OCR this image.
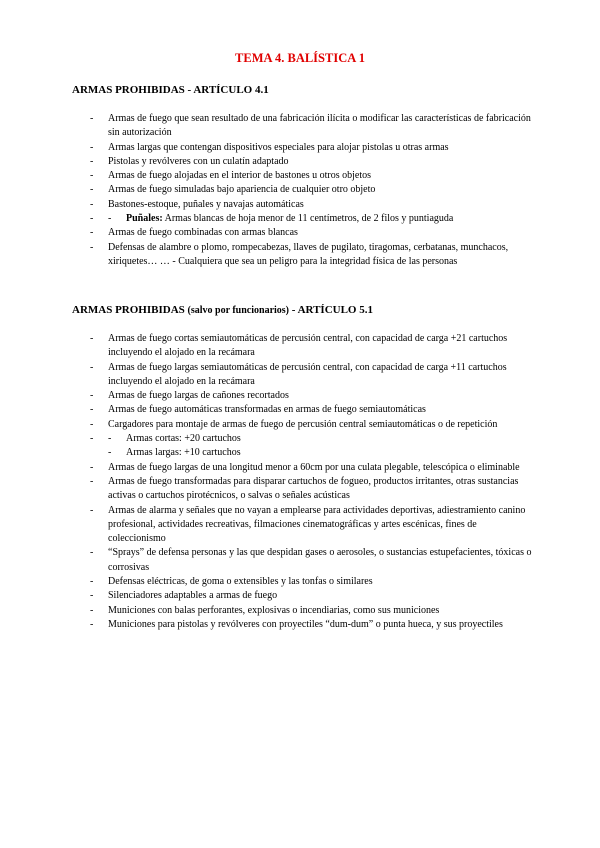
TEMA 4. BALÍSTICA 1

ARMAS PROHIBIDAS - ARTÍCULO 4.1

- Armas de fuego que sean resultado de una fabricación ilícita o modificar las características de fabricación sin autorización
- Armas largas que contengan dispositivos especiales para alojar pistolas u otras armas
- Pistolas y revólveres con un culatín adaptado
- Armas de fuego alojadas en el interior de bastones u otros objetos
- Armas de fuego simuladas bajo apariencia de cualquier otro objeto
- Bastones-estoque, puñales y navajas automáticas
- - Puñales: Armas blancas de hoja menor de 11 centímetros, de 2 filos y puntiaguda
- Armas de fuego combinadas con armas blancas
- Defensas de alambre o plomo, rompecabezas, llaves de pugilato, tiragomas, cerbatanas, munchacos, xiriquetes… … - Cualquiera que sea un peligro para la integridad física de las personas

ARMAS PROHIBIDAS (salvo por funcionarios) - ARTÍCULO 5.1

- Armas de fuego cortas semiautomáticas de percusión central, con capacidad de carga +21 cartuchos incluyendo el alojado en la recámara
- Armas de fuego largas semiautomáticas de percusión central, con capacidad de carga +11 cartuchos incluyendo el alojado en la recámara
- Armas de fuego largas de cañones recortados
- Armas de fuego automáticas transformadas en armas de fuego semiautomáticas
- Cargadores para montaje de armas de fuego de percusión central semiautomáticas o de repetición
- - Armas cortas: +20 cartuchos
- Armas largas: +10 cartuchos
- Armas de fuego largas de una longitud menor a 60cm por una culata plegable, telescópica o eliminable
- Armas de fuego transformadas para disparar cartuchos de fogueo, productos irritantes, otras sustancias activas o cartuchos pirotécnicos, o salvas o señales acústicas
- Armas de alarma y señales que no vayan a emplearse para actividades deportivas, adiestramiento canino profesional, actividades recreativas, filmaciones cinematográficas y artes escénicas, fines de coleccionismo
- “Sprays” de defensa personas y las que despidan gases o aerosoles, o sustancias estupefacientes, tóxicas o corrosivas
- Defensas eléctricas, de goma o extensibles y las tonfas o similares
- Silenciadores adaptables a armas de fuego
- Municiones con balas perforantes, explosivas o incendiarias, como sus municiones
- Municiones para pistolas y revólveres con proyectiles “dum-dum” o punta hueca, y sus proyectiles
